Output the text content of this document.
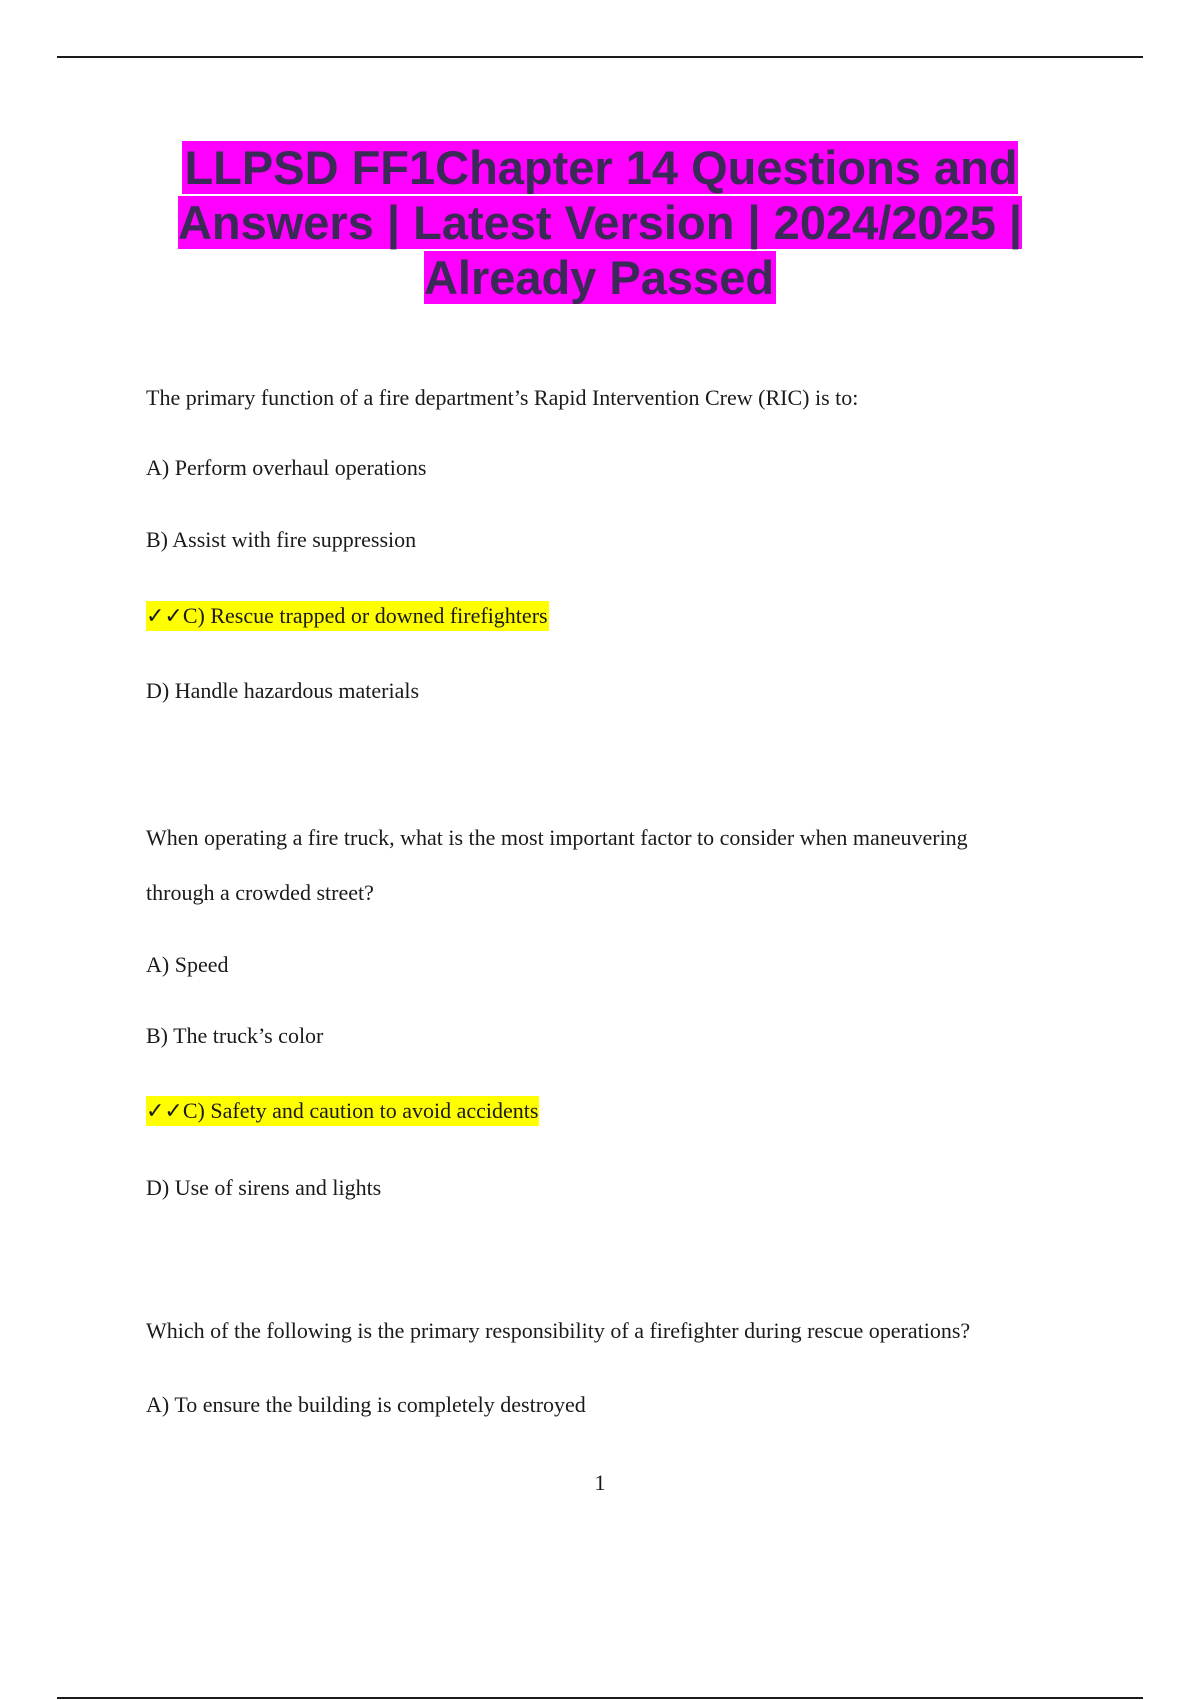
LLPSD FF1Chapter 14 Questions and Answers | Latest Version | 2024/2025 | Already Passed
The primary function of a fire department’s Rapid Intervention Crew (RIC) is to:
A) Perform overhaul operations
B) Assist with fire suppression
✓✓C) Rescue trapped or downed firefighters
D) Handle hazardous materials
When operating a fire truck, what is the most important factor to consider when maneuvering
through a crowded street?
A) Speed
B) The truck’s color
✓✓C) Safety and caution to avoid accidents
D) Use of sirens and lights
Which of the following is the primary responsibility of a firefighter during rescue operations?
A) To ensure the building is completely destroyed
1
